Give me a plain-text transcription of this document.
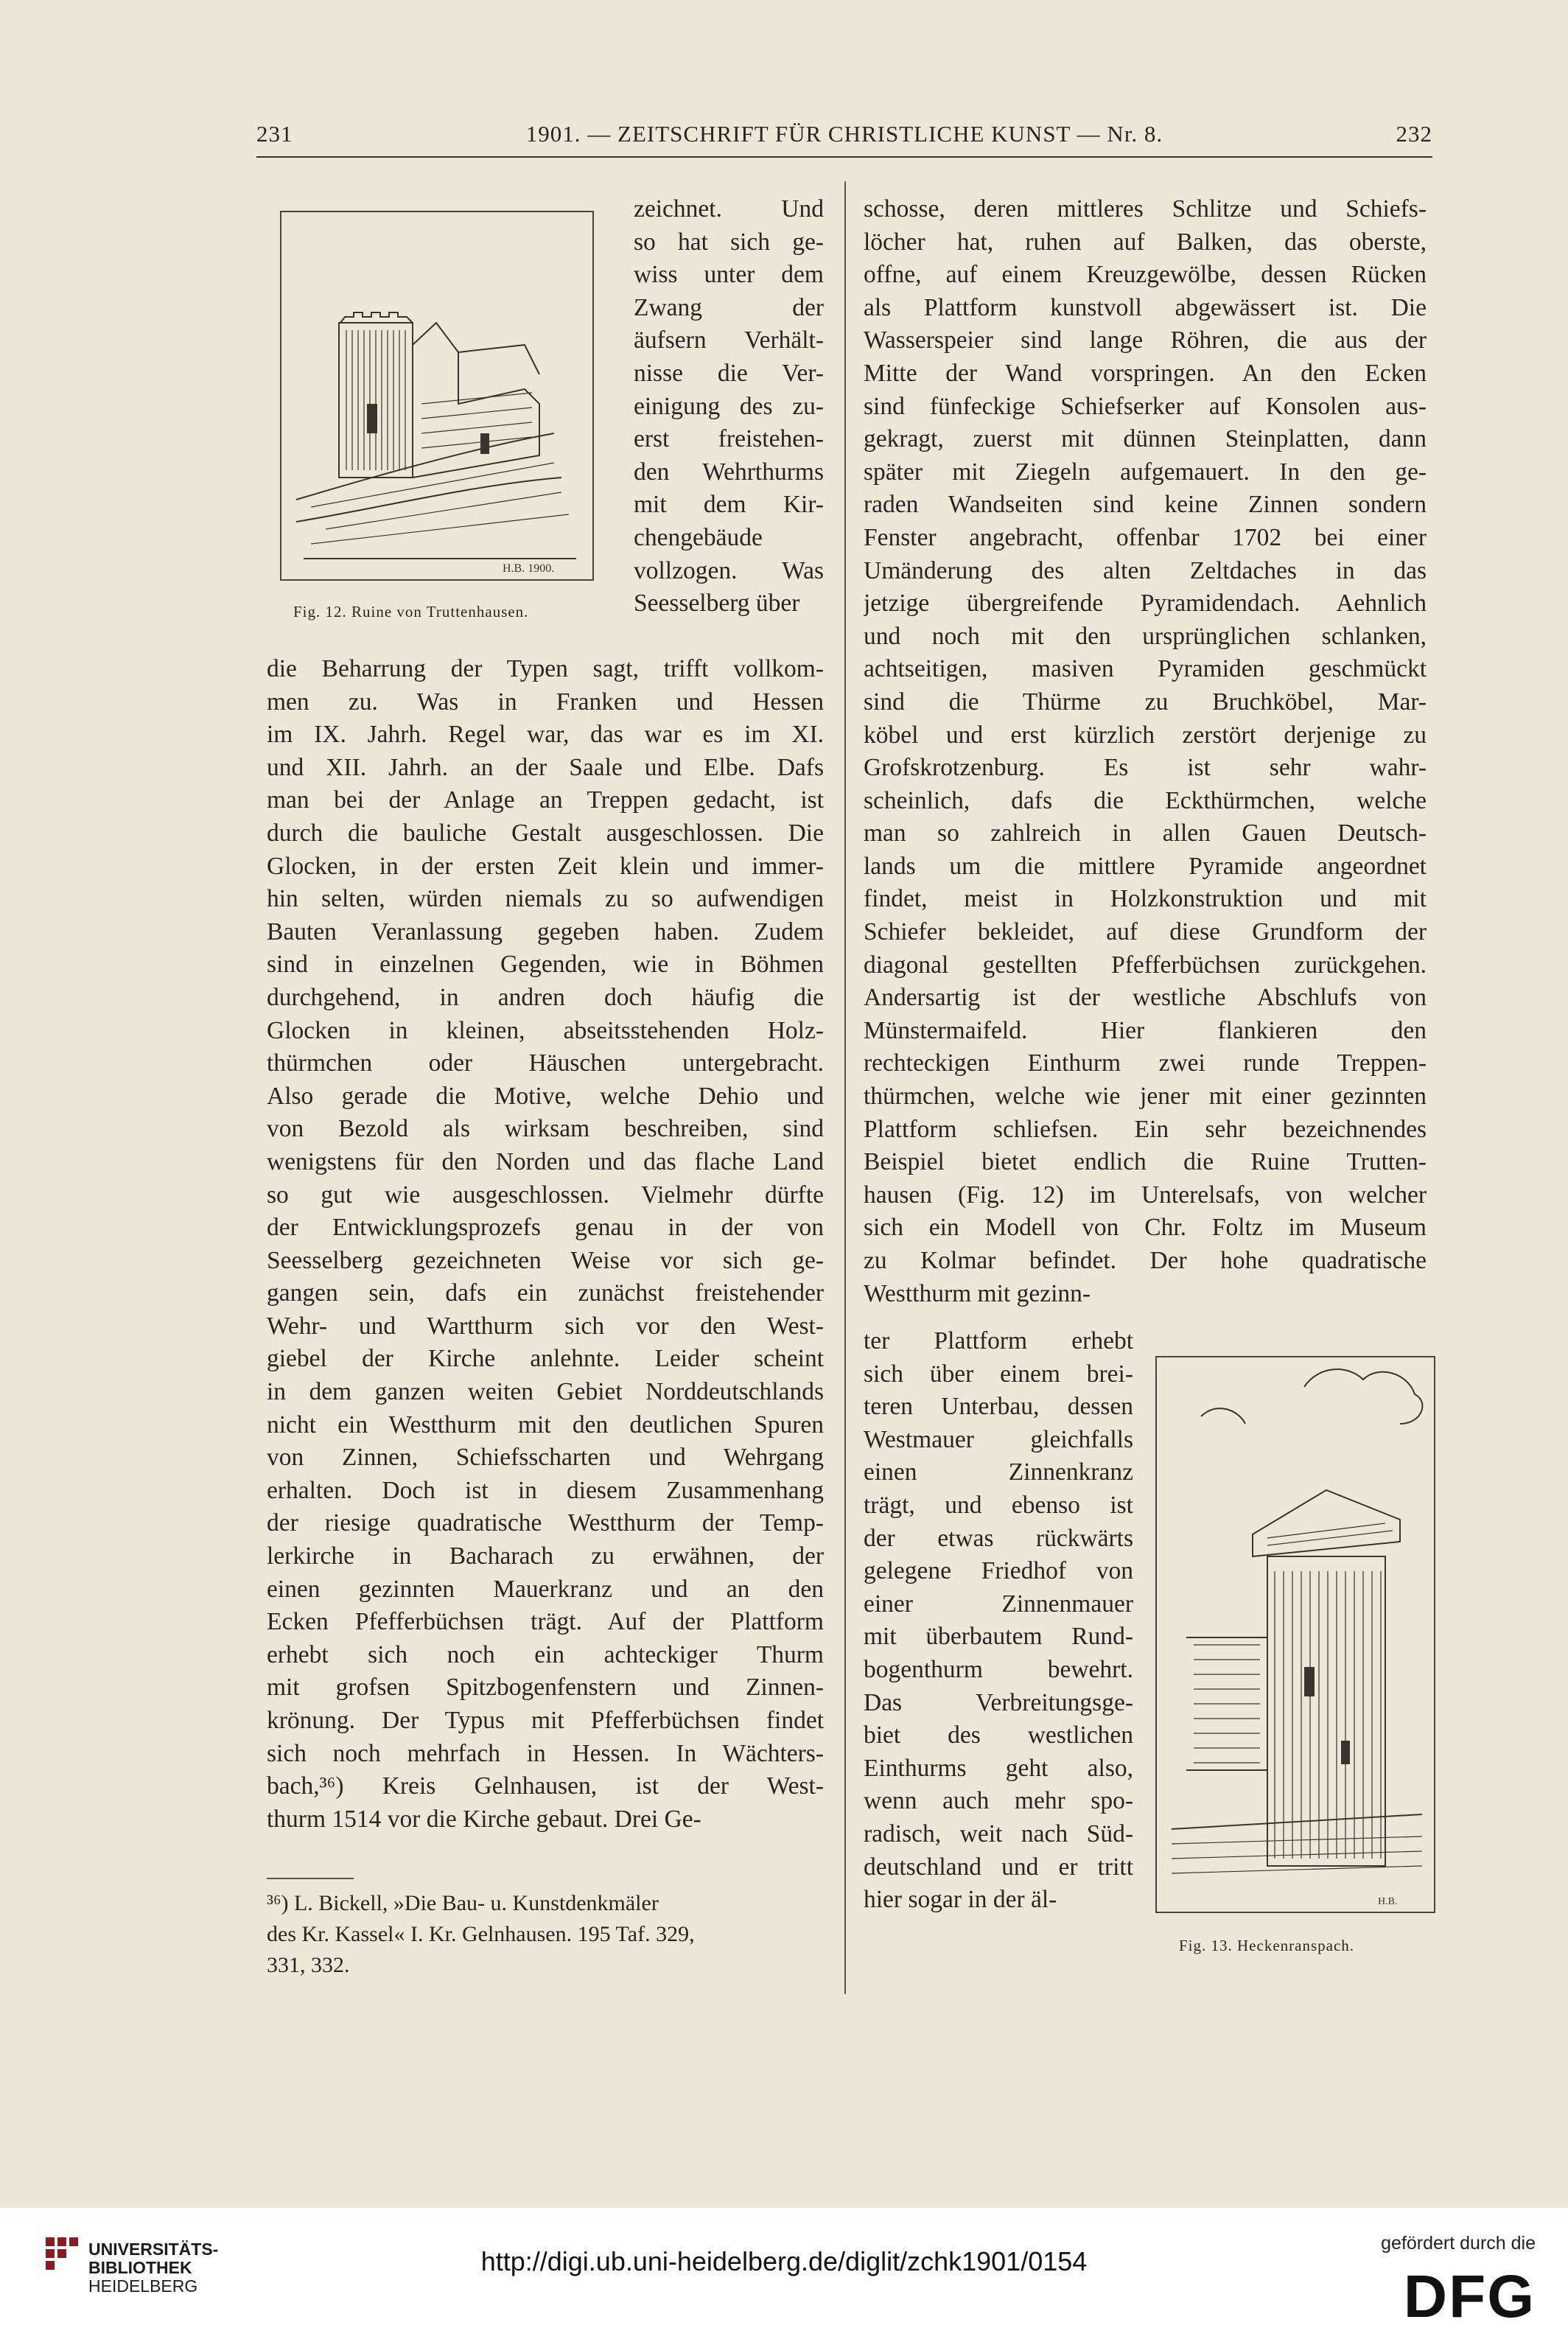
231	1901. — ZEITSCHRIFT FÜR CHRISTLICHE KUNST — Nr. 8.	232
H.B. 1900.
Fig. 12. Ruine von Truttenhausen.
H.B.
Fig. 13. Heckenranspach.
zeichnet. Und
so hat sich ge-
wiss unter dem
Zwang der
äufsern Verhält-
nisse die Ver-
einigung des zu-
erst freistehen-
den Wehrthurms
mit dem Kir-
chengebäude
vollzogen. Was
Seesselberg über
die Beharrung der Typen sagt, trifft vollkom-
men zu. Was in Franken und Hessen
im IX. Jahrh. Regel war, das war es im XI.
und XII. Jahrh. an der Saale und Elbe. Dafs
man bei der Anlage an Treppen gedacht, ist
durch die bauliche Gestalt ausgeschlossen. Die
Glocken, in der ersten Zeit klein und immer-
hin selten, würden niemals zu so aufwendigen
Bauten Veranlassung gegeben haben. Zudem
sind in einzelnen Gegenden, wie in Böhmen
durchgehend, in andren doch häufig die
Glocken in kleinen, abseitsstehenden Holz-
thürmchen oder Häuschen untergebracht.
Also gerade die Motive, welche Dehio und
von Bezold als wirksam beschreiben, sind
wenigstens für den Norden und das flache Land
so gut wie ausgeschlossen. Vielmehr dürfte
der Entwicklungsprozefs genau in der von
Seesselberg gezeichneten Weise vor sich ge-
gangen sein, dafs ein zunächst freistehender
Wehr- und Wartthurm sich vor den West-
giebel der Kirche anlehnte. Leider scheint
in dem ganzen weiten Gebiet Norddeutschlands
nicht ein Westthurm mit den deutlichen Spuren
von Zinnen, Schiefsscharten und Wehrgang
erhalten. Doch ist in diesem Zusammenhang
der riesige quadratische Westthurm der Temp-
lerkirche in Bacharach zu erwähnen, der
einen gezinnten Mauerkranz und an den
Ecken Pfefferbüchsen trägt. Auf der Plattform
erhebt sich noch ein achteckiger Thurm
mit grofsen Spitzbogenfenstern und Zinnen-
krönung. Der Typus mit Pfefferbüchsen findet
sich noch mehrfach in Hessen. In Wächters-
bach,³⁶) Kreis Gelnhausen, ist der West-
thurm 1514 vor die Kirche gebaut. Drei Ge-
³⁶) L. Bickell, »Die Bau- u. Kunstdenkmäler
des Kr. Kassel« I. Kr. Gelnhausen. 195 Taf. 329,
331, 332.
schosse, deren mittleres Schlitze und Schiefs-
löcher hat, ruhen auf Balken, das oberste,
offne, auf einem Kreuzgewölbe, dessen Rücken
als Plattform kunstvoll abgewässert ist. Die
Wasserspeier sind lange Röhren, die aus der
Mitte der Wand vorspringen. An den Ecken
sind fünfeckige Schiefserker auf Konsolen aus-
gekragt, zuerst mit dünnen Steinplatten, dann
später mit Ziegeln aufgemauert. In den ge-
raden Wandseiten sind keine Zinnen sondern
Fenster angebracht, offenbar 1702 bei einer
Umänderung des alten Zeltdaches in das
jetzige übergreifende Pyramidendach. Aehnlich
und noch mit den ursprünglichen schlanken,
achtseitigen, masiven Pyramiden geschmückt
sind die Thürme zu Bruchköbel, Mar-
köbel und erst kürzlich zerstört derjenige zu
Grofskrotzenburg. Es ist sehr wahr-
scheinlich, dafs die Eckthürmchen, welche
man so zahlreich in allen Gauen Deutsch-
lands um die mittlere Pyramide angeordnet
findet, meist in Holzkonstruktion und mit
Schiefer bekleidet, auf diese Grundform der
diagonal gestellten Pfefferbüchsen zurückgehen.
Andersartig ist der westliche Abschlufs von
Münstermaifeld. Hier flankieren den
rechteckigen Einthurm zwei runde Treppen-
thürmchen, welche wie jener mit einer gezinnten
Plattform schliefsen. Ein sehr bezeichnendes
Beispiel bietet endlich die Ruine Trutten-
hausen (Fig. 12) im Unterelsafs, von welcher
sich ein Modell von Chr. Foltz im Museum
zu Kolmar befindet. Der hohe quadratische
Westthurm mit gezinn-
ter Plattform erhebt
sich über einem brei-
teren Unterbau, dessen
Westmauer gleichfalls
einen Zinnenkranz
trägt, und ebenso ist
der etwas rückwärts
gelegene Friedhof von
einer Zinnenmauer
mit überbautem Rund-
bogenthurm bewehrt.
Das Verbreitungsge-
biet des westlichen
Einthurms geht also,
wenn auch mehr spo-
radisch, weit nach Süd-
deutschland und er tritt
hier sogar in der äl-
UNIVERSITÄTS-
BIBLIOTHEK
HEIDELBERG
http://digi.ub.uni-heidelberg.de/diglit/zchk1901/0154
gefördert durch die
DFG
